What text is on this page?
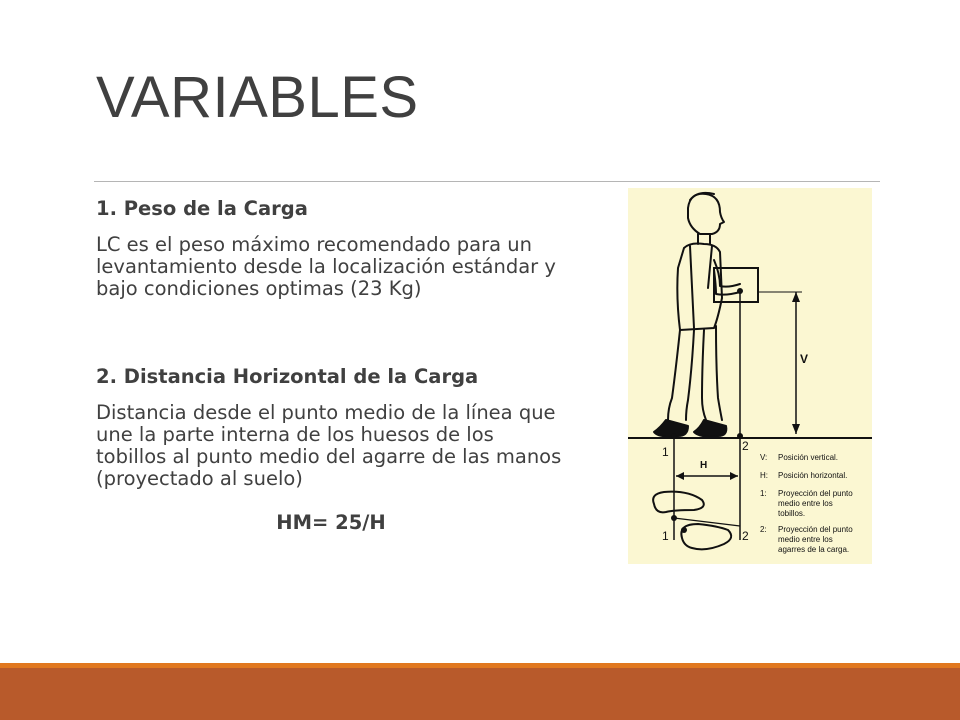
VARIABLES

1. Peso de la Carga

LC es el peso máximo recomendado para un levantamiento desde la localización estándar y bajo condiciones optimas (23 Kg)

2. Distancia Horizontal de la Carga

Distancia desde el punto medio de la línea que une la parte interna de los huesos de los tobillos al punto medio del agarre de las manos (proyectado al suelo)

HM= 25/H

V
H
1	2
1	2
V: Posición vertical.
H: Posición horizontal.
1: Proyección del punto
medio entre los
tobillos.
2: Proyección del punto
medio entre los
agarres de la carga.
